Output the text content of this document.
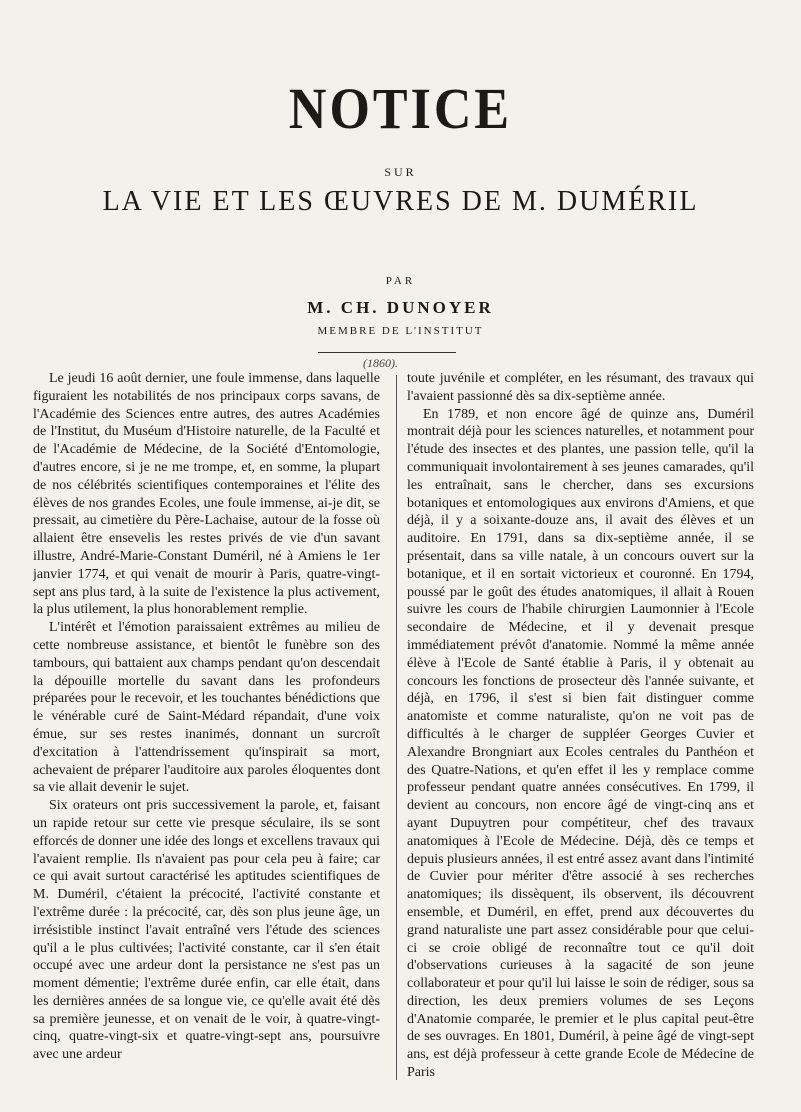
NOTICE
SUR
LA VIE ET LES ŒUVRES DE M. DUMÉRIL
PAR
M. CH. DUNOYER
MEMBRE DE L'INSTITUT
(1860).

Le jeudi 16 août dernier, une foule immense, dans laquelle figuraient les notabilités de nos principaux corps savans, de l'Académie des Sciences entre autres, des autres Académies de l'Institut, du Muséum d'Histoire naturelle, de la Faculté et de l'Académie de Médecine, de la Société d'Entomologie, d'autres encore, si je ne me trompe, et, en somme, la plupart de nos célébrités scientifiques contemporaines et l'élite des élèves de nos grandes Ecoles, une foule immense, ai-je dit, se pressait, au cimetière du Père-Lachaise, autour de la fosse où allaient être ensevelis les restes privés de vie d'un savant illustre, André-Marie-Constant Duméril, né à Amiens le 1er janvier 1774, et qui venait de mourir à Paris, quatre-vingt-sept ans plus tard, à la suite de l'existence la plus activement, la plus utilement, la plus honorablement remplie.

L'intérêt et l'émotion paraissaient extrêmes au milieu de cette nombreuse assistance, et bientôt le funèbre son des tambours, qui battaient aux champs pendant qu'on descendait la dépouille mortelle du savant dans les profondeurs préparées pour le recevoir, et les touchantes bénédictions que le vénérable curé de Saint-Médard répandait, d'une voix émue, sur ses restes inanimés, donnant un surcroît d'excitation à l'attendrissement qu'inspirait sa mort, achevaient de préparer l'auditoire aux paroles éloquentes dont sa vie allait devenir le sujet.

Six orateurs ont pris successivement la parole, et, faisant un rapide retour sur cette vie presque séculaire, ils se sont efforcés de donner une idée des longs et excellens travaux qui l'avaient remplie. Ils n'avaient pas pour cela peu à faire; car ce qui avait surtout caractérisé les aptitudes scientifiques de M. Duméril, c'étaient la précocité, l'activité constante et l'extrême durée : la précocité, car, dès son plus jeune âge, un irrésistible instinct l'avait entraîné vers l'étude des sciences qu'il a le plus cultivées; l'activité constante, car il s'en était occupé avec une ardeur dont la persistance ne s'est pas un moment démentie; l'extrême durée enfin, car elle était, dans les dernières années de sa longue vie, ce qu'elle avait été dès sa première jeunesse, et on venait de le voir, à quatre-vingt-cinq, quatre-vingt-six et quatre-vingt-sept ans, poursuivre avec une ardeur

toute juvénile et compléter, en les résumant, des travaux qui l'avaient passionné dès sa dix-septième année.

En 1789, et non encore âgé de quinze ans, Duméril montrait déjà pour les sciences naturelles, et notamment pour l'étude des insectes et des plantes, une passion telle, qu'il la communiquait involontairement à ses jeunes camarades, qu'il les entraînait, sans le chercher, dans ses excursions botaniques et entomologiques aux environs d'Amiens, et que déjà, il y a soixante-douze ans, il avait des élèves et un auditoire. En 1791, dans sa dix-septième année, il se présentait, dans sa ville natale, à un concours ouvert sur la botanique, et il en sortait victorieux et couronné. En 1794, poussé par le goût des études anatomiques, il allait à Rouen suivre les cours de l'habile chirurgien Laumonnier à l'Ecole secondaire de Médecine, et il y devenait presque immédiatement prévôt d'anatomie. Nommé la même année élève à l'Ecole de Santé établie à Paris, il y obtenait au concours les fonctions de prosecteur dès l'année suivante, et déjà, en 1796, il s'est si bien fait distinguer comme anatomiste et comme naturaliste, qu'on ne voit pas de difficultés à le charger de suppléer Georges Cuvier et Alexandre Brongniart aux Ecoles centrales du Panthéon et des Quatre-Nations, et qu'en effet il les y remplace comme professeur pendant quatre années consécutives. En 1799, il devient au concours, non encore âgé de vingt-cinq ans et ayant Dupuytren pour compétiteur, chef des travaux anatomiques à l'Ecole de Médecine. Déjà, dès ce temps et depuis plusieurs années, il est entré assez avant dans l'intimité de Cuvier pour mériter d'être associé à ses recherches anatomiques; ils dissèquent, ils observent, ils découvrent ensemble, et Duméril, en effet, prend aux découvertes du grand naturaliste une part assez considérable pour que celui-ci se croie obligé de reconnaître tout ce qu'il doit d'observations curieuses à la sagacité de son jeune collaborateur et pour qu'il lui laisse le soin de rédiger, sous sa direction, les deux premiers volumes de ses Leçons d'Anatomie comparée, le premier et le plus capital peut-être de ses ouvrages. En 1801, Duméril, à peine âgé de vingt-sept ans, est déjà professeur à cette grande Ecole de Médecine de Paris
